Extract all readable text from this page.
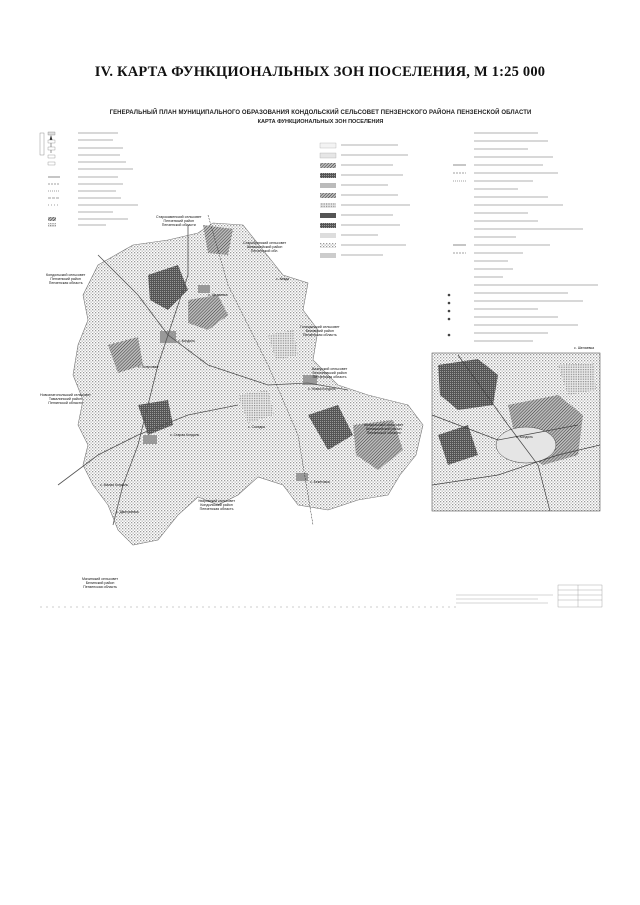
IV. КАРТА ФУНКЦИОНАЛЬНЫХ ЗОН ПОСЕЛЕНИЯ, М 1:25 000
ГЕНЕРАЛЬНЫЙ ПЛАН МУНИЦИПАЛЬНОГО ОБРАЗОВАНИЯ КОНДОЛЬСКИЙ СЕЛЬСОВЕТ ПЕНЗЕНСКОГО РАЙОНА ПЕНЗЕНСКОЙ ОБЛАСТИ
КАРТА ФУНКЦИОНАЛЬНЫХ ЗОН ПОСЕЛЕНИЯ
Старокаменский сельсовет
Пензенский район
Пензенской области
Кондольский сельсовет
Пензенский район
Пензенская область
Старобуянский сельсовет
Шемышейский район
Пензенской обл.
Голицынский сельсовет
Бековский район
Пензенская область
Вазерский сельсовет
Бессоновский район
Пензенская область
Кондольский сельсовет
Шемышейский район
Пензенской области
Новозлатопольский сельсовет
Тамалинский район
Пензенской области
Уваровский сельсовет
Кондольский район
Пензенская область
Мачинский сельсовет
Белинский район
Пензенская область
с. Кондоль
с. Шелаевка
с. Новая Кондоль
с. Старая Кондоль
с. Кевда
с. Бекетовка
с. Дмитриевка
с. Малая Кондоль
с. Соседка
с. Лопуховка
с. Шелаевка
с. Кондоль
